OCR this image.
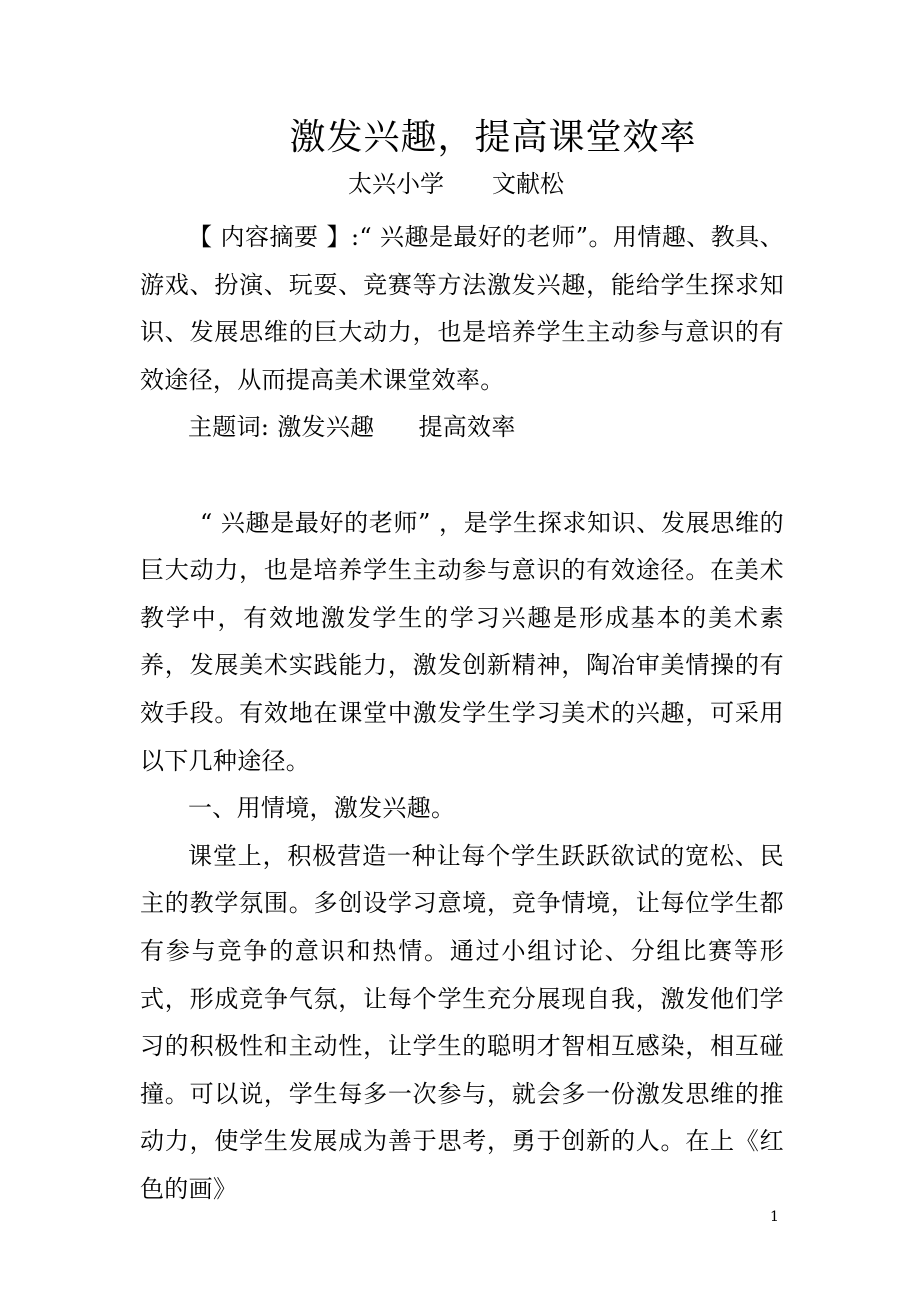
激发兴趣，提高课堂效率
太兴小学 文献松

【 内容摘要 】:“ 兴趣是最好的老师”。用情趣、教具、游戏、扮演、玩耍、竞赛等方法激发兴趣，能给学生探求知识、发展思维的巨大动力，也是培养学生主动参与意识的有效途径，从而提高美术课堂效率。

主题词: 激发兴趣 提高效率

“ 兴趣是最好的老师” ，是学生探求知识、发展思维的巨大动力，也是培养学生主动参与意识的有效途径。在美术教学中，有效地激发学生的学习兴趣是形成基本的美术素养，发展美术实践能力，激发创新精神，陶冶审美情操的有效手段。有效地在课堂中激发学生学习美术的兴趣，可采用以下几种途径。

一、用情境，激发兴趣。

课堂上，积极营造一种让每个学生跃跃欲试的宽松、民主的教学氛围。多创设学习意境，竞争情境，让每位学生都有参与竞争的意识和热情。通过小组讨论、分组比赛等形式，形成竞争气氛，让每个学生充分展现自我，激发他们学习的积极性和主动性，让学生的聪明才智相互感染，相互碰撞。可以说，学生每多一次参与，就会多一份激发思维的推动力，使学生发展成为善于思考，勇于创新的人。在上《红色的画》

1
